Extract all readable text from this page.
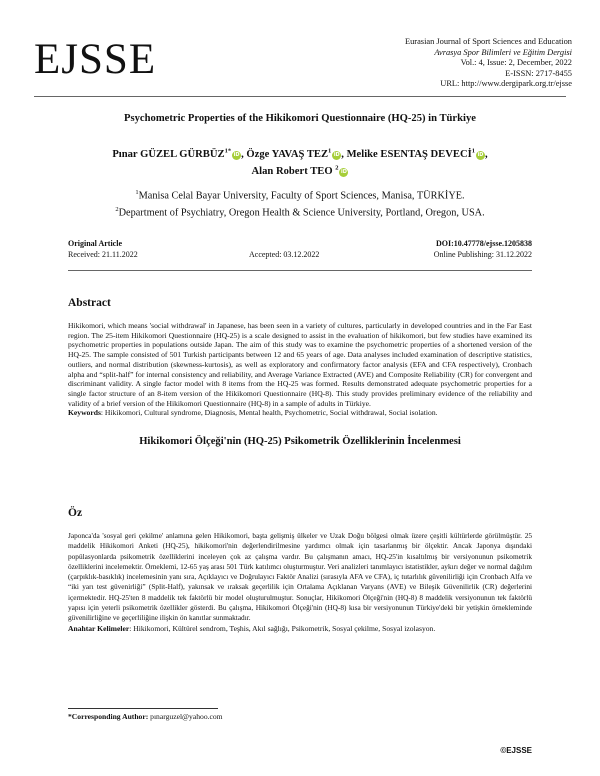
EJSSE	Eurasian Journal of Sport Sciences and Education
Avrasya Spor Bilimleri ve Eğitim Dergisi
Vol.: 4, Issue: 2, December, 2022
E-ISSN: 2717-8455
URL: http://www.dergipark.org.tr/ejsse
Psychometric Properties of the Hikikomori Questionnaire (HQ-25) in Türkiye
Pınar GÜZEL $GÜRBÜZ^{1*}iD$ , Özge YAVAŞ TEZ$^1$iD , Melike ESENTAŞ DEVECİ$^1$iD ,
Alan Robert TEO $^2$iD
$^1$Manisa Celal Bayar University, Faculty of Sport Sciences, Manisa, TÜRKİYE.
$^2$Department of Psychiatry, Oregon Health & Science University, Portland, Oregon, USA.
Original Article
Received: 21.11.2022	Accepted: 03.12.2022
DOI:10.47778/ejsse.1205838
Online Publishing: 31.12.2022
Abstract
Hikikomori, which means 'social withdrawal' in Japanese, has been seen in a variety of cultures, particularly in developed countries and in the Far East region. The 25-item Hikikomori Questionnaire (HQ-25) is a scale designed to assist in the evaluation of hikikomori, but few studies have examined its psychometric properties in populations outside Japan. The aim of this study was to examine the psychometric properties of a shortened version of the HQ-25. The sample consisted of 501 Turkish participants between 12 and 65 years of age. Data analyses included examination of descriptive statistics, outliers, and normal distribution (skewness-kurtosis), as well as exploratory and confirmatory factor analysis (EFA and CFA respectively), Cronbach alpha and “split-half” for internal consistency and reliability, and Average Variance Extracted (AVE) and Composite Reliability (CR) for convergent and discriminant validity. A single factor model with 8 items from the HQ-25 was formed. Results demonstrated adequate psychometric properties for a single factor structure of an 8-item version of the Hikikomori Questionnaire (HQ-8). This study provides preliminary evidence of the reliability and validity of a brief version of the Hikikomori Questionnaire (HQ-8) in a sample of adults in Türkiye.
Keywords: Hikikomori, Cultural syndrome, Diagnosis, Mental health, Psychometric, Social withdrawal, Social isolation.
Hikikomori Ölçeği'nin (HQ-25) Psikometrik Özelliklerinin İncelenmesi
Öz
Japonca'da 'sosyal geri çekilme' anlamına gelen Hikikomori, başta gelişmiş ülkeler ve Uzak Doğu bölgesi olmak üzere çeşitli kültürlerde görülmüştür. 25 maddelik Hikikomori Anketi (HQ-25), hikikomori'nin değerlendirilmesine yardımcı olmak için tasarlanmış bir ölçektir. Ancak Japonya dışındaki popülasyonlarda psikometrik özelliklerini inceleyen çok az çalışma vardır. Bu çalışmanın amacı, HQ-25'in kısaltılmış bir versiyonunun psikometrik özelliklerini incelemektir. Örneklemi, 12-65 yaş arası 501 Türk katılımcı oluşturmuştur. Veri analizleri tanımlayıcı istatistikler, aykırı değer ve normal dağılım (çarpıklık-basıklık) incelemesinin yanı sıra, Açıklayıcı ve Doğrulayıcı Faktör Analizi (sırasıyla AFA ve CFA), iç tutarlılık güvenilirliği için Cronbach Alfa ve “iki yarı test güvenirliği” (Split-Half), yakınsak ve ıraksak geçerlilik için Ortalama Açıklanan Varyans (AVE) ve Bileşik Güvenilirlik (CR) değerlerini içermektedir. HQ-25'ten 8 maddelik tek faktörlü bir model oluşturulmuştur. Sonuçlar, Hikikomori Ölçeği'nin (HQ-8) 8 maddelik versiyonunun tek faktörlü yapısı için yeterli psikometrik özellikler gösterdi. Bu çalışma, Hikikomori Ölçeği'nin (HQ-8) kısa bir versiyonunun Türkiye'deki bir yetişkin örnekleminde güvenilirliğine ve geçerliliğine ilişkin ön kanıtlar sunmaktadır.
Anahtar Kelimeler: Hikikomori, Kültürel sendrom, Teşhis, Akıl sağlığı, Psikometrik, Sosyal çekilme, Sosyal izolasyon.
*Corresponding Author: pınarguzel@yahoo.com
©EJSSE
